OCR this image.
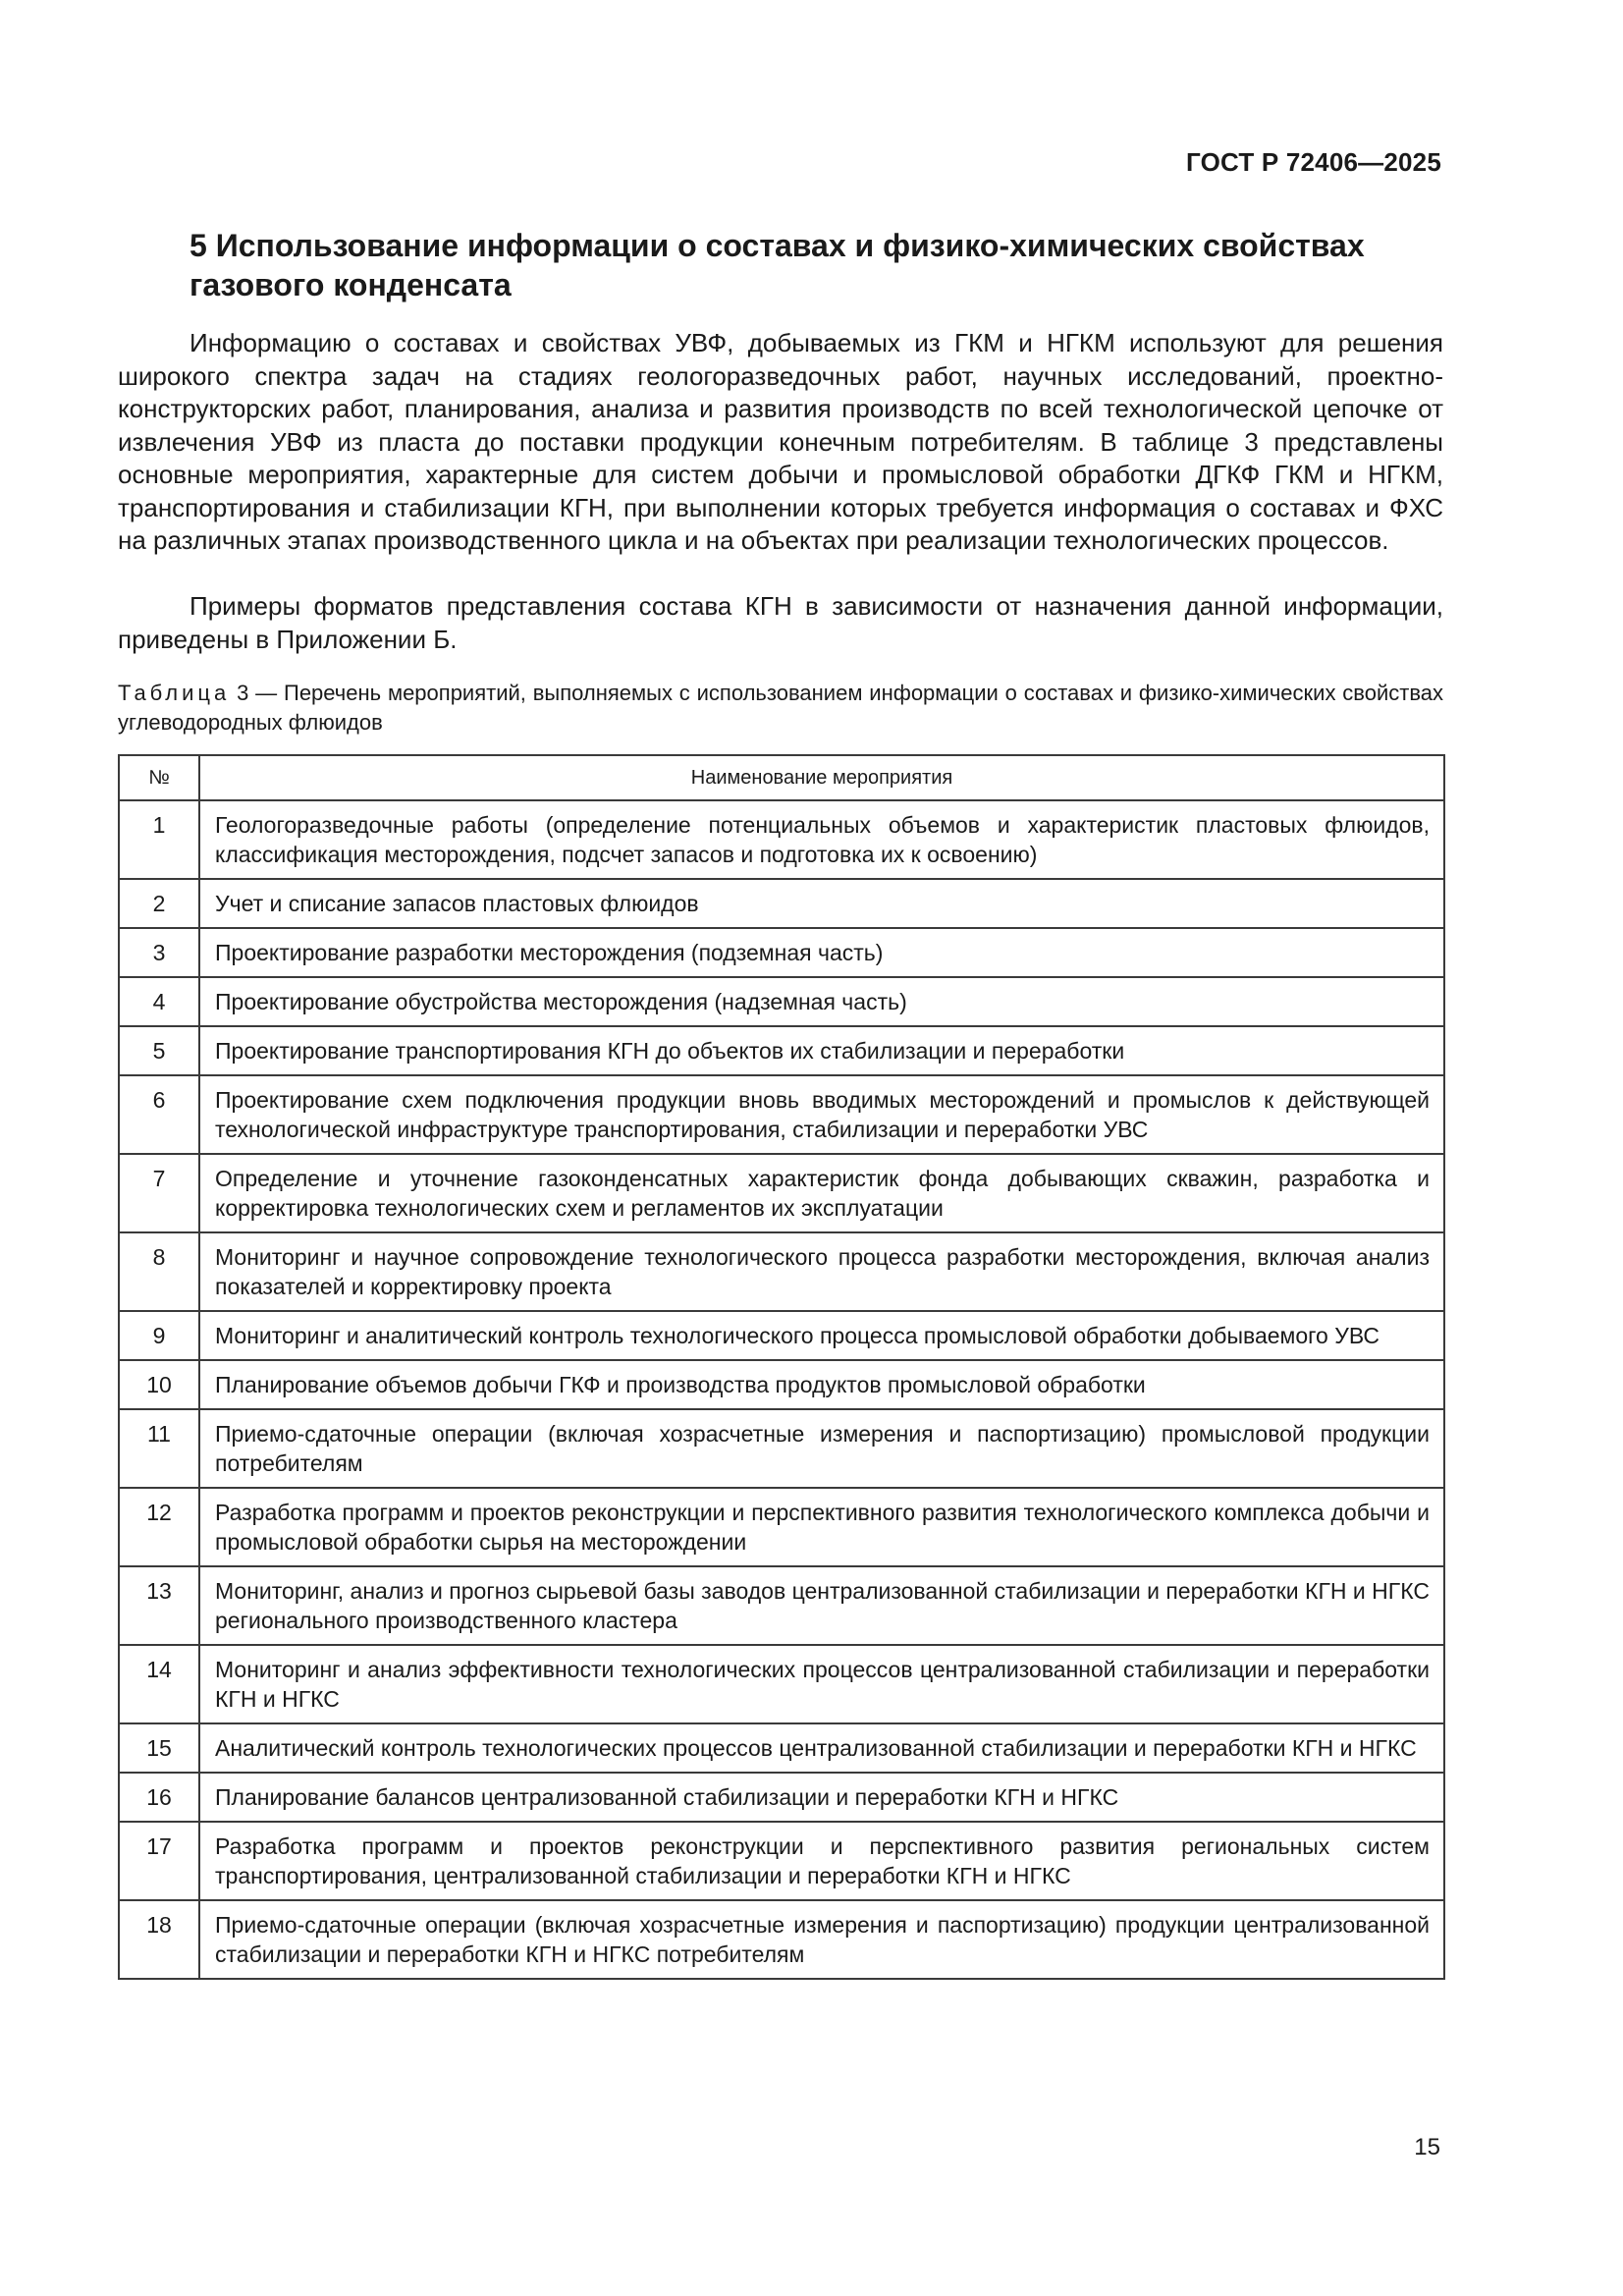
ГОСТ Р 72406—2025
5 Использование информации о составах и физико-химических свойствах газового конденсата

Информацию о составах и свойствах УВФ, добываемых из ГКМ и НГКМ используют для решения широкого спектра задач на стадиях геологоразведочных работ, научных исследований, проектно-конструкторских работ, планирования, анализа и развития производств по всей технологической цепочке от извлечения УВФ из пласта до поставки продукции конечным потребителям. В таблице 3 представлены основные мероприятия, характерные для систем добычи и промысловой обработки ДГКФ ГКМ и НГКМ, транспортирования и стабилизации КГН, при выполнении которых требуется информация о составах и ФХС на различных этапах производственного цикла и на объектах при реализации технологических процессов.

Примеры форматов представления состава КГН в зависимости от назначения данной информации, приведены в Приложении Б.

Таблица 3 — Перечень мероприятий, выполняемых с использованием информации о составах и физико-химических свойствах углеводородных флюидов

№	Наименование мероприятия
1	Геологоразведочные работы (определение потенциальных объемов и характеристик пластовых флюидов, классификация месторождения, подсчет запасов и подготовка их к освоению)
2	Учет и списание запасов пластовых флюидов
3	Проектирование разработки месторождения (подземная часть)
4	Проектирование обустройства месторождения (надземная часть)
5	Проектирование транспортирования КГН до объектов их стабилизации и переработки
6	Проектирование схем подключения продукции вновь вводимых месторождений и промыслов к действующей технологической инфраструктуре транспортирования, стабилизации и переработки УВС
7	Определение и уточнение газоконденсатных характеристик фонда добывающих скважин, разработка и корректировка технологических схем и регламентов их эксплуатации
8	Мониторинг и научное сопровождение технологического процесса разработки месторождения, включая анализ показателей и корректировку проекта
9	Мониторинг и аналитический контроль технологического процесса промысловой обработки добываемого УВС
10	Планирование объемов добычи ГКФ и производства продуктов промысловой обработки
11	Приемо-сдаточные операции (включая хозрасчетные измерения и паспортизацию) промысловой продукции потребителям
12	Разработка программ и проектов реконструкции и перспективного развития технологического комплекса добычи и промысловой обработки сырья на месторождении
13	Мониторинг, анализ и прогноз сырьевой базы заводов централизованной стабилизации и переработки КГН и НГКС регионального производственного кластера
14	Мониторинг и анализ эффективности технологических процессов централизованной стабилизации и переработки КГН и НГКС
15	Аналитический контроль технологических процессов централизованной стабилизации и переработки КГН и НГКС
16	Планирование балансов централизованной стабилизации и переработки КГН и НГКС
17	Разработка программ и проектов реконструкции и перспективного развития региональных систем транспортирования, централизованной стабилизации и переработки КГН и НГКС
18	Приемо-сдаточные операции (включая хозрасчетные измерения и паспортизацию) продукции централизованной стабилизации и переработки КГН и НГКС потребителям
15
